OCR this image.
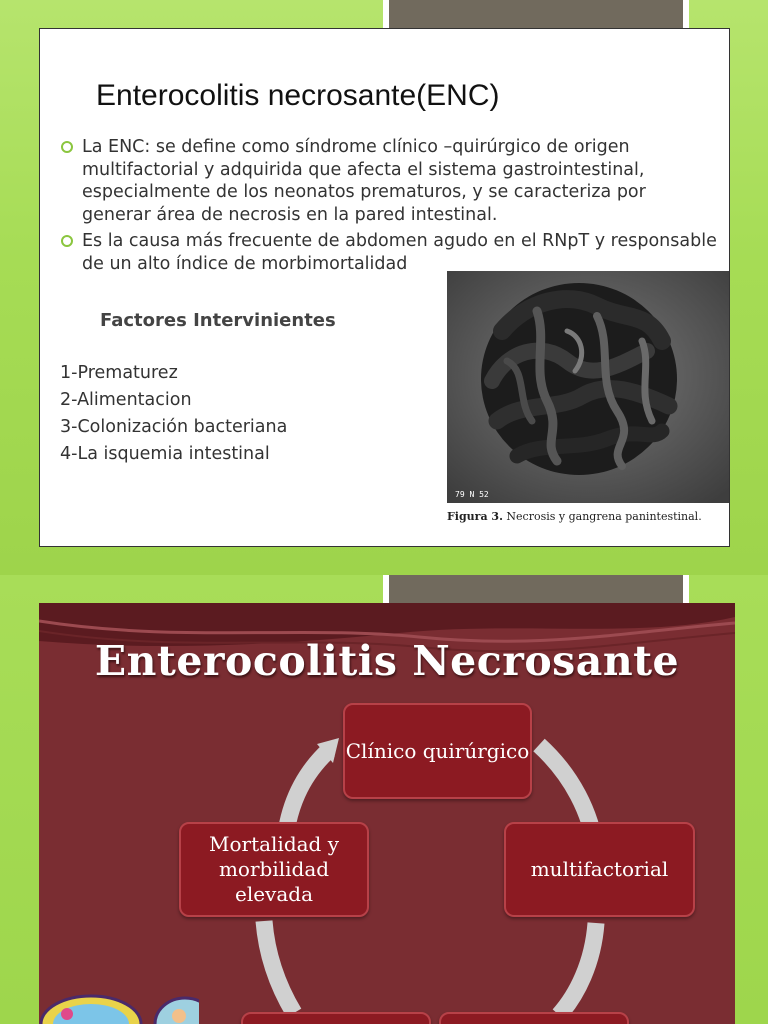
Enterocolitis necrosante(ENC)
La ENC: se define como síndrome clínico –quirúrgico de origen multifactorial y adquirida que afecta el sistema gastrointestinal, especialmente de los neonatos prematuros, y se caracteriza por generar área de necrosis en la pared intestinal.
Es la causa más frecuente de abdomen agudo en el RNpT y responsable de un alto índice de morbimortalidad
Factores Intervinientes
1-Prematurez
2-Alimentacion
3-Colonización bacteriana
4-La isquemia intestinal
79 N 52
Figura 3. Necrosis y gangrena panintestinal.
Enterocolitis Necrosante
Clínico quirúrgico
multifactorial
Mortalidad y morbilidad elevada
